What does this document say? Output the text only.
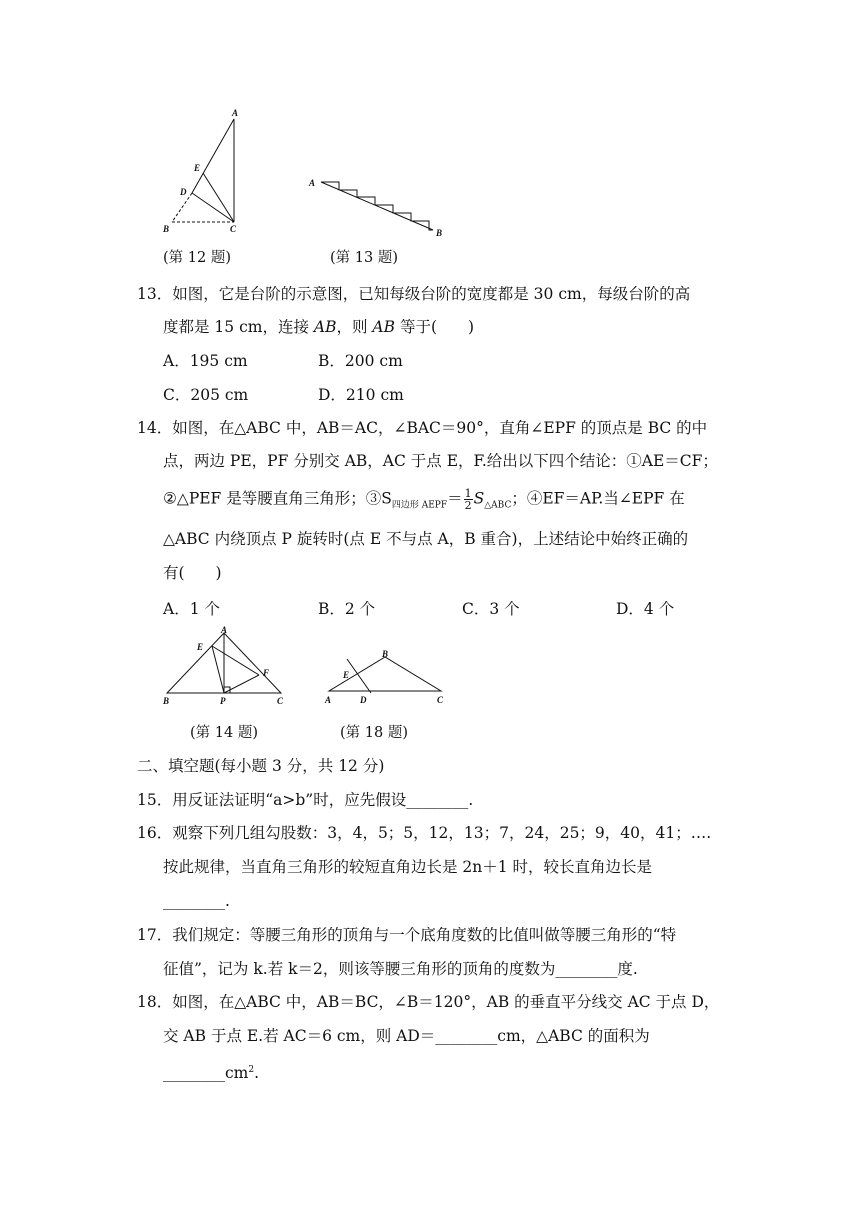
A
E
D
B	C
(第 12 题)
A
B
(第 13 题)
13．如图，它是台阶的示意图，已知每级台阶的宽度都是 30 cm，每级台阶的高
度都是 15 cm，连接 AB，则 AB 等于(　　)
A．195 cm	B．200 cm
C．205 cm	D．210 cm
14．如图，在△ABC 中，AB＝AC，∠BAC＝90°，直角∠EPF 的顶点是 BC 的中
点，两边 PE，PF 分别交 AB，AC 于点 E，F.给出以下四个结论：①AE＝CF；
②△PEF 是等腰直角三角形；$③S_{四边形 AEPF}= \frac{1}{2} S_{\triangle ABC}$；④EF＝AP.当∠EPF 在
△ABC 内绕顶点 P 旋转时(点 E 不与点 A，B 重合)，上述结论中始终正确的
有(　　)
A．1 个	B．2 个	C．3 个	D．4 个
A
E
F
B	P	C
(第 14 题)
B
E
A	D	C
(第 18 题)
二、填空题(每小题 3 分，共 12 分)
15．用反证法证明“a>b”时，应先假设________.
16．观察下列几组勾股数：3，4，5；5，12，13；7，24，25；9，40，41；….
按此规律，当直角三角形的较短直角边长是 2n＋1 时，较长直角边长是
________.
17．我们规定：等腰三角形的顶角与一个底角度数的比值叫做等腰三角形的“特
征值”，记为 k.若 k＝2，则该等腰三角形的顶角的度数为________度.
18．如图，在△ABC 中，AB＝BC，∠B＝120°，AB 的垂直平分线交 AC 于点 D，
交 AB 于点 E.若 AC＝6 cm，则 AD＝________cm，△ABC 的面积为
$\_\_\_\_\_\_\_\_cm^2$.
